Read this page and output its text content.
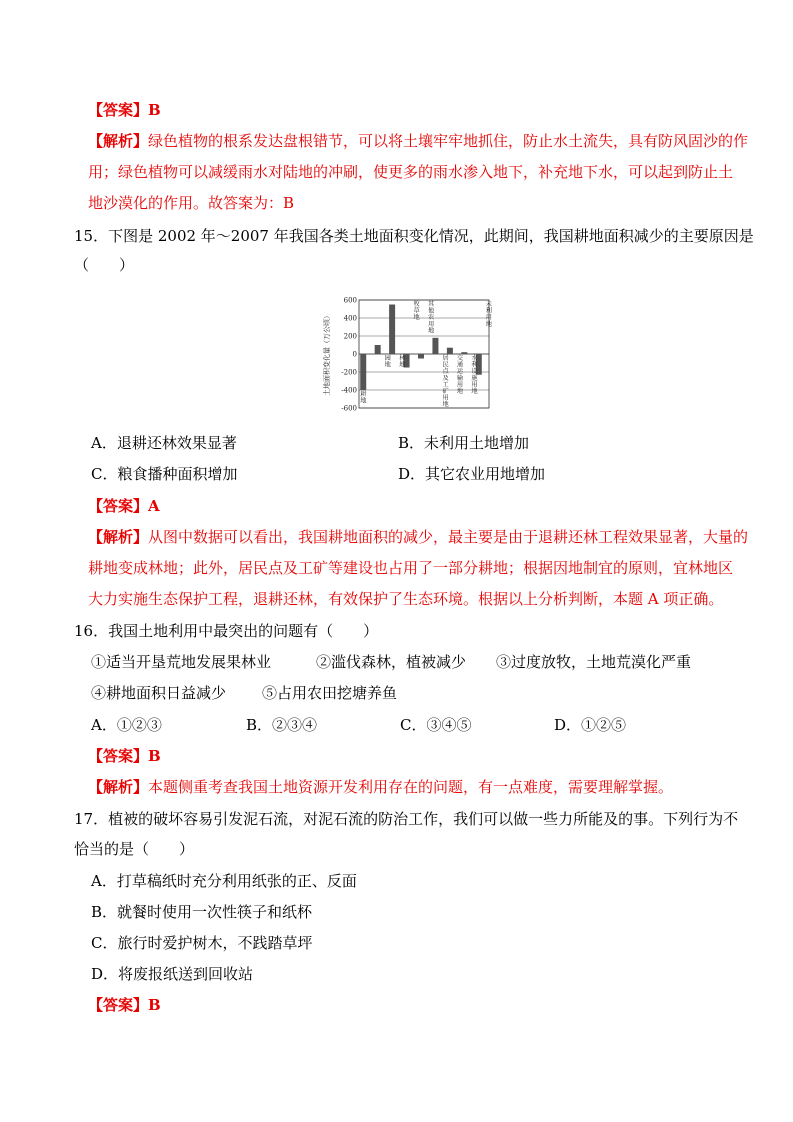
【答案】B
【解析】绿色植物的根系发达盘根错节，可以将土壤牢牢地抓住，防止水土流失，具有防风固沙的作
用；绿色植物可以减缓雨水对陆地的冲刷，使更多的雨水渗入地下，补充地下水，可以起到防止土
地沙漠化的作用。故答案为：B
15．下图是 2002 年～2007 年我国各类土地面积变化情况，此期间，我国耕地面积减少的主要原因是
（　　）
土地面积变化量（万公顷）
600
400
200
0
-200
-400
-600
耕地
园地
林地
牧草地
其他农用地
居民点及工矿用地
交通运输用地
水利设施用地
未利用地
A．退耕还林效果显著	B．未利用土地增加
C．粮食播种面积增加	D．其它农业用地增加
【答案】A
【解析】从图中数据可以看出，我国耕地面积的减少，最主要是由于退耕还林工程效果显著，大量的
耕地变成林地；此外，居民点及工矿等建设也占用了一部分耕地；根据因地制宜的原则，宜林地区
大力实施生态保护工程，退耕还林，有效保护了生态环境。根据以上分析判断，本题 A 项正确。
16．我国土地利用中最突出的问题有（　　）
①适当开垦荒地发展果林业	②滥伐森林，植被减少 ③过度放牧，土地荒漠化严重
④耕地面积日益减少 ⑤占用农田挖塘养鱼
A．①②③	B．②③④	C．③④⑤	D．①②⑤
【答案】B
【解析】本题侧重考查我国土地资源开发利用存在的问题，有一点难度，需要理解掌握。
17．植被的破坏容易引发泥石流，对泥石流的防治工作，我们可以做一些力所能及的事。下列行为不
恰当的是（　　）
A．打草稿纸时充分利用纸张的正、反面
B．就餐时使用一次性筷子和纸杯
C．旅行时爱护树木，不践踏草坪
D．将废报纸送到回收站
【答案】B
